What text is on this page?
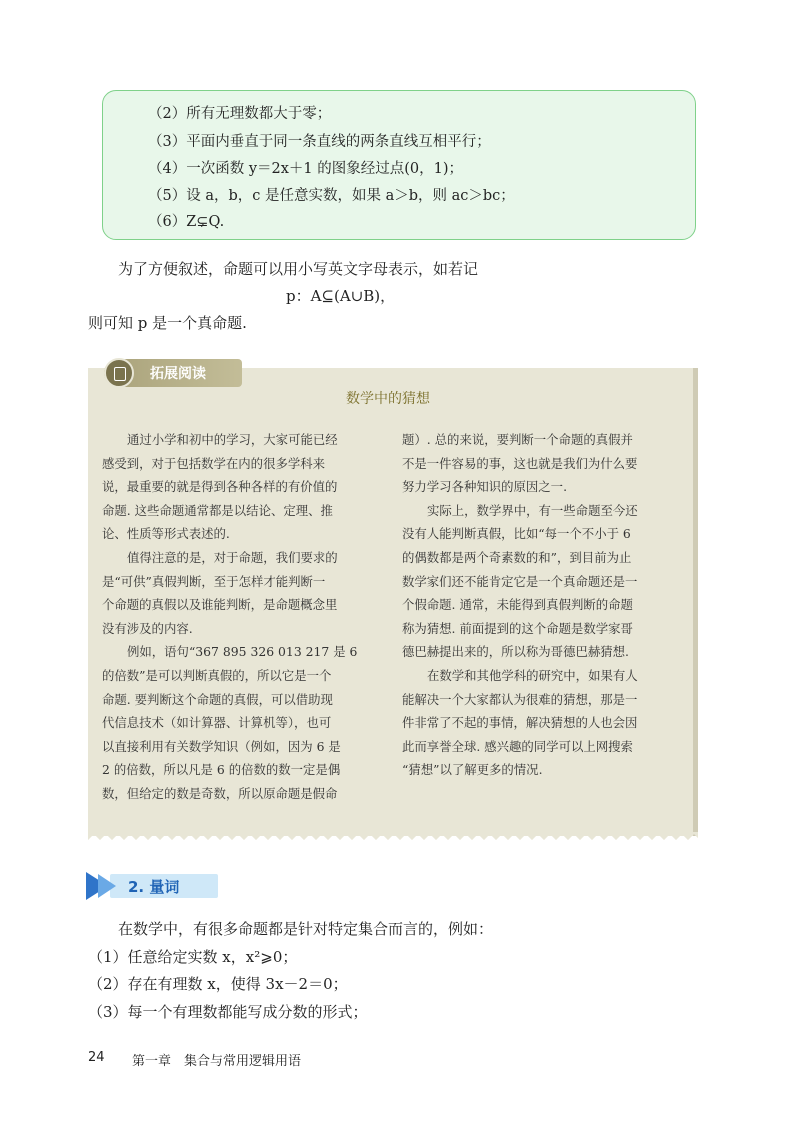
（2）所有无理数都大于零；
（3）平面内垂直于同一条直线的两条直线互相平行；
（4）一次函数 y＝2x＋1 的图象经过点(0，1)；
（5）设 a，b，c 是任意实数，如果 a＞b，则 ac＞bc；
（6）Z⊊Q.
为了方便叙述，命题可以用小写英文字母表示，如若记
p：A⊆(A∪B)，
则可知 p 是一个真命题.
拓展阅读
数学中的猜想
通过小学和初中的学习，大家可能已经
感受到，对于包括数学在内的很多学科来
说，最重要的就是得到各种各样的有价值的
命题. 这些命题通常都是以结论、定理、推
论、性质等形式表述的.
值得注意的是，对于命题，我们要求的
是“可供”真假判断，至于怎样才能判断一
个命题的真假以及谁能判断，是命题概念里
没有涉及的内容.
例如，语句“367 895 326 013 217 是 6
的倍数”是可以判断真假的，所以它是一个
命题. 要判断这个命题的真假，可以借助现
代信息技术（如计算器、计算机等），也可
以直接利用有关数学知识（例如，因为 6 是
2 的倍数，所以凡是 6 的倍数的数一定是偶
数，但给定的数是奇数，所以原命题是假命
题）. 总的来说，要判断一个命题的真假并
不是一件容易的事，这也就是我们为什么要
努力学习各种知识的原因之一.
实际上，数学界中，有一些命题至今还
没有人能判断真假，比如“每一个不小于 6
的偶数都是两个奇素数的和”，到目前为止
数学家们还不能肯定它是一个真命题还是一
个假命题. 通常，未能得到真假判断的命题
称为猜想. 前面提到的这个命题是数学家哥
德巴赫提出来的，所以称为哥德巴赫猜想.
在数学和其他学科的研究中，如果有人
能解决一个大家都认为很难的猜想，那是一
件非常了不起的事情，解决猜想的人也会因
此而享誉全球. 感兴趣的同学可以上网搜索
“猜想”以了解更多的情况.
2. 量词
在数学中，有很多命题都是针对特定集合而言的，例如：
（1）任意给定实数 x，x²⩾0；
（2）存在有理数 x，使得 3x－2＝0；
（3）每一个有理数都能写成分数的形式；
24 第一章　集合与常用逻辑用语
